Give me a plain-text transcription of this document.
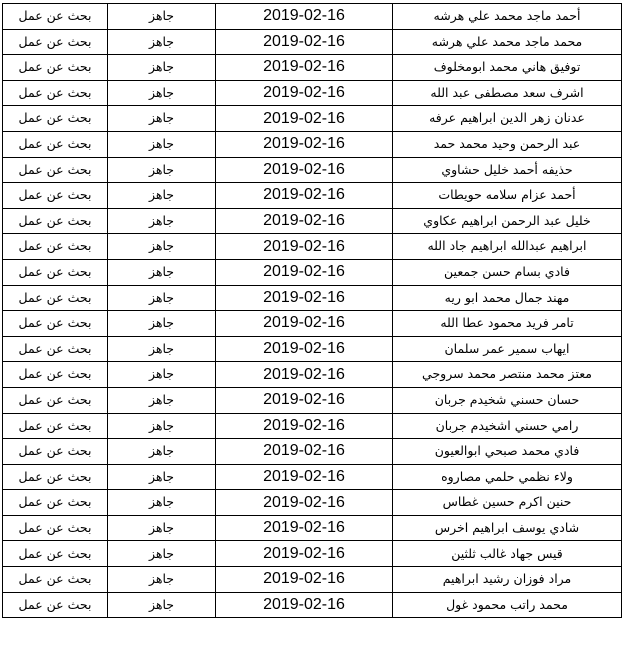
أحمد ماجد محمد علي هرشه	2019-02-16	جاهز	بحث عن عمل
محمد ماجد محمد علي هرشه	2019-02-16	جاهز	بحث عن عمل
توفيق هاني محمد ابومخلوف	2019-02-16	جاهز	بحث عن عمل
اشرف سعد مصطفى عبد الله	2019-02-16	جاهز	بحث عن عمل
عدنان زهر الدين ابراهيم عرفه	2019-02-16	جاهز	بحث عن عمل
عبد الرحمن وحيد محمد حمد	2019-02-16	جاهز	بحث عن عمل
حذيفه أحمد خليل حشاوي	2019-02-16	جاهز	بحث عن عمل
أحمد عزام سلامه حويطات	2019-02-16	جاهز	بحث عن عمل
خليل عبد الرحمن ابراهيم عكاوي	2019-02-16	جاهز	بحث عن عمل
ابراهيم عبدالله ابراهيم جاد الله	2019-02-16	جاهز	بحث عن عمل
فادي بسام حسن جمعين	2019-02-16	جاهز	بحث عن عمل
مهند جمال محمد ابو ريه	2019-02-16	جاهز	بحث عن عمل
تامر فريد محمود عطا الله	2019-02-16	جاهز	بحث عن عمل
ايهاب سمير عمر سلمان	2019-02-16	جاهز	بحث عن عمل
معتز محمد منتصر محمد سروجي	2019-02-16	جاهز	بحث عن عمل
حسان حسني شخيدم جربان	2019-02-16	جاهز	بحث عن عمل
رامي حسني اشخيدم جربان	2019-02-16	جاهز	بحث عن عمل
فادي محمد صبحي ابوالعيون	2019-02-16	جاهز	بحث عن عمل
ولاء نظمي حلمي مصاروه	2019-02-16	جاهز	بحث عن عمل
حنين اكرم حسين غطاس	2019-02-16	جاهز	بحث عن عمل
شادي يوسف ابراهيم اخرس	2019-02-16	جاهز	بحث عن عمل
قيس جهاد غالب ثلثين	2019-02-16	جاهز	بحث عن عمل
مراد فوزان رشيد ابراهيم	2019-02-16	جاهز	بحث عن عمل
محمد راتب محمود غول	2019-02-16	جاهز	بحث عن عمل
